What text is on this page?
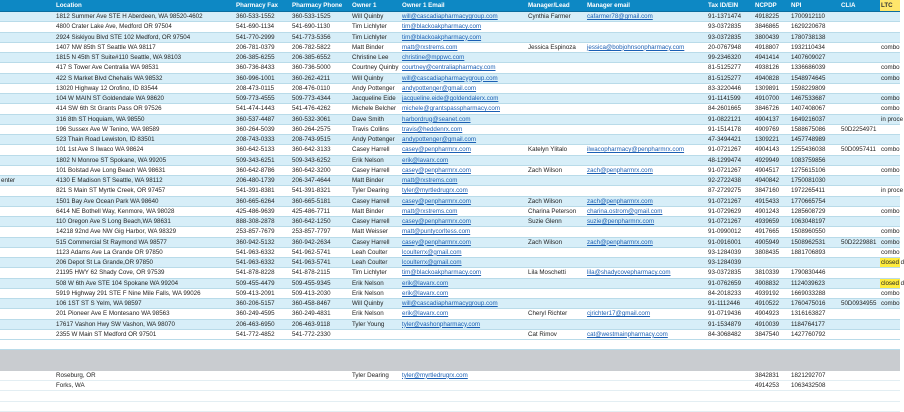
	Location	Pharmacy Fax	Pharmacy Phone	Owner 1	Owner 1 Email	Manager/Lead	Manager email	Tax ID/EIN	NCPDP	NPI	CLIA	LTC
	1812 Summer Ave STE H Aberdeen, WA 98520-4602	360-533-1552	360-533-1525	Will Quinby	will@cascadiapharmacygroup.com	Cynthia Farmer	cafarmer78@gmail.com	91-1371474	4918225	1700912110		
	4800 Crater Lake Ave, Medford OR 97504	541-690-1134	541-690-1130	Tim Lichlyter	tim@blackoakpharmacy.com			93-0372835	3846865	1629220678		
	2924 Siskiyou Blvd STE 102 Medford, OR 97504	541-770-2999	541-773-5356	Tim Lichlyter	tim@blackoakpharmacy.com			93-0372835	3800439	1780738138		
	1407 NW 85th ST Seattle WA 98117	206-781-0379	206-782-5822	Matt Binder	matt@rxstrems.com	Jessica Espinoza	jessica@bobjohnsonpharmacy.com	20-0767948	4918807	1932110434		combo
	1815 N 45th ST Suite#110 Seattle, WA 98103	206-385-6255	206-385-6552	Christine Lee	christine@mppwc.com			99-2346320	4941414	1407609027		
	417 S Tower Ave Centralia WA 98531	360-736-8433	360-736-5000	Courtney Quinby	courtney@centraliapharmacy.com			81-5125277	4938126	1336686039		combo
	422 S Market Blvd Chehalis WA 98532	360-996-1001	360-262-4211	Will Quinby	will@cascadiapharmacygroup.com			81-5125277	4940828	1548974645		combo
	13020 Highway 12 Orofino, ID 83544	208-473-0115	208-476-0110	Andy Pottenger	andypottenger@gmail.com			83-3220446	1309891	1598229809		
	104 W MAIN ST Goldendale WA 98620	509-773-4555	509-773-4344	Jacqueline Eide	jacqueline.eide@goldendalerx.com			91-1141599	4910700	1467533687		combo
	414 SW 6th St Grants Pass OR 97526	541-474-1443	541-476-4262	Michele Belcher	michele@grantspasspharmacy.com			84-2601665	3846726	1407408067		combo
	316 8th ST Hoquiam, WA 98550	360-537-4487	360-532-3061	Dave Smith	harbordrug@seanet.com			91-0822121	4904137	1649216037		in proce
	196 Sussex Ave W Tenino, WA 98589	360-264-5039	360-264-2575	Travis Collins	travis@heddenrx.com			91-1514178	4909769	1588675086	50D2254971	
	523 Thain Road Lewiston, ID 83501	208-743-0333	208-743-9515	Andy Pottenger	andypottenger@gmail.com			47-3494421	1309221	1457748989		
	101 1st Ave S Ilwaco WA 98624	360-642-5133	360-642-3133	Casey Harrell	casey@penpharmrx.com	Katelyn Ylitalo	ilwacopharmacy@penpharmrx.com	91-0721267	4904143	1255436038	50D0957411	combo
	1802 N Monroe ST Spokane, WA 99205	509-343-6251	509-343-6252	Erik Nelson	erik@lavarx.com			48-1299474	4929949	1083759856		
	101 Bolstad Ave Long Beach WA 98631	360-642-8786	360-642-3200	Casey Harrell	casey@penpharmrx.com	Zach Wilson	zach@penpharmrx.com	91-0721267	4904517	1275615106		combo
enter	4130 E Madison ST Seattle, WA 98112	206-480-1739	206-347-4644	Matt Binder	matt@rxstrems.com			92-2722438	4940842	1750081030		
	821 S Main ST Myrtle Creek, OR 97457	541-391-8381	541-391-8321	Tyler Dearing	tyler@myrtledrugrx.com			87-2729275	3847160	1972265411		in proce
	1501 Bay Ave Ocean Park WA 98640	360-665-6264	360-665-5181	Casey Harrell	casey@penpharmrx.com	Zach Wilson	zach@penpharmrx.com	91-0721267	4915433	1770665754		
	6414 NE Bothell Way, Kenmore, WA 98028	425-486-9639	425-486-7711	Matt Binder	matt@rxstrems.com	Charina Peterson	charina.ostrom@gmail.com	91-0729629	4901243	1285608729		combo
	110 Oregon Ave S Long Beach,WA 98631	888-308-2878	360-642-1250	Casey Harrell	casey@penpharmrx.com	Suzie Glenn	suzie@penpharmrx.com	91-0721267	4939659	1063048197		
	14218 92nd Ave NW Gig Harbor, WA 98329	253-857-7679	253-857-7797	Matt Weisser	matt@puntycorltess.com			91-0990012	4917665	1508960550		combo
	515 Commercial St Raymond WA 98577	360-942-5132	360-942-2634	Casey Harrell	casey@penpharmrx.com	Zach Wilson	zach@penpharmrx.com	91-0916001	4905949	1508962531	50D2229881	combo
	1123 Adams Ave La Grande OR 97850	541-963-6332	541-962-5741	Leah Coulter	lcoulterrx@gmail.com			93-1284039	3808435	1881706893		combo
	206 Depot St La Grande,OR 97850	541-963-6332	541-963-5741	Leah Coulter	lcoulterrx@gmail.com			93-1284039				closed d
	21195 HWY 62 Shady Cove, OR 97539	541-878-8228	541-878-2115	Tim Lichlyter	tim@blackoakpharmacy.com	Lila Moschetti	lila@shadycovepharmacy.com	93-0372835	3810339	1790830446		
	508 W 6th Ave STE 104 Spokane WA 99204	509-455-4479	509-455-9345	Erik Nelson	erik@lavarx.com			91-0762659	4908832	1124039623		closed d
	5919 Highway 291 STE F Nine Mile Falls, WA 99026	509-413-2091	509-413-2030	Erik Nelson	erik@lavarx.com			84-2018233	4939192	1669033288		combo
	106 1ST ST S Yelm, WA 98597	360-206-5157	360-458-8467	Will Quinby	will@cascadiapharmacygroup.com			91-1112446	4910522	1760475016	50D0934955	combo
	201 Pioneer Ave E Montesano WA 98563	360-249-4595	360-249-4831	Erik Nelson	erik@lavarx.com	Cheryl Richter	cjrichter17@gmail.com	91-0719436	4904923	1316163827		
	17617 Vashon Hwy SW Vashon, WA 98070	206-463-6950	206-463-9118	Tyler Young	tyler@vashonpharmacy.com			91-1534879	4910039	1184764177		
	2355 W Main ST Medford OR 97501	541-772-4852	541-772-2330			Cat Rimov	cat@westmainpharmacy.com	84-3068482	3847540	1427760792		

	Roseburg, OR			Tyler Dearing	tyler@myrtledrugrx.com				3842831	1821292707		
	Forks, WA								4914253	1063432508		
